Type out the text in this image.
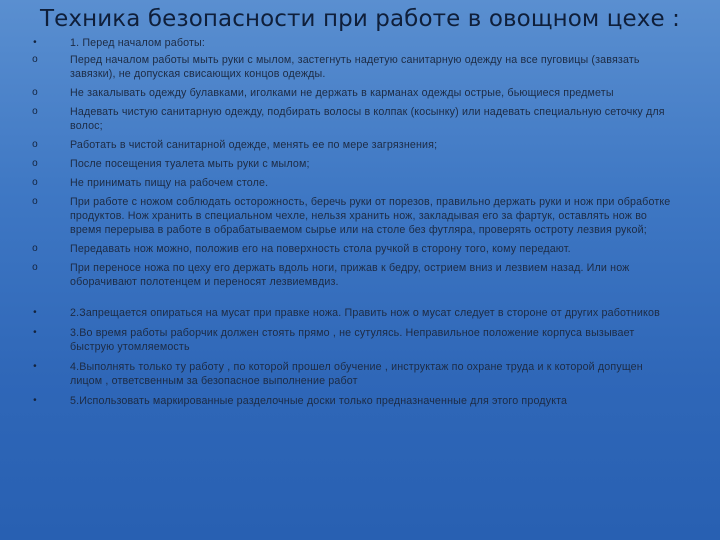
Техника безопасности при работе в овощном цехе :
•	1. Перед началом работы:
o	Перед началом работы мыть руки с мылом, застегнуть надетую санитарную одежду на все пуговицы (завязать завязки), не допуская свисающих концов одежды.
o	Не закалывать одежду булавками, иголками не держать в карманах одежды острые, бьющиеся предметы
o	Надевать чистую санитарную одежду, подбирать волосы в колпак (косынку) или надевать специальную сеточку для волос;
o	Работать в чистой санитарной одежде, менять ее по мере загрязнения;
o	После посещения туалета мыть руки с мылом;
o	Не принимать пищу на рабочем столе.
o	При работе с ножом соблюдать осторожность, беречь руки от порезов, правильно держать руки и нож при обработке продуктов. Нож хранить в специальном чехле, нельзя хранить нож, закладывая его за фартук, оставлять нож во время перерыва в работе в обрабатываемом сырье или на столе без футляра, проверять остроту лезвия рукой;
o	Передавать нож можно, положив его на поверхность стола ручкой в сторону того, кому передают.
o	При переносе ножа по цеху его держать вдоль ноги, прижав к бедру, острием вниз и лезвием назад. Или нож оборачивают полотенцем и переносят лезвиемвдиз.
•	2.Запрещается опираться на мусат при правке ножа. Править нож о мусат следует в стороне от других работников
•	3.Во время работы раборчик должен стоять прямо , не сутулясь. Неправильное положение корпуса вызывает быструю утомляемость
•	4.Выполнять только ту работу , по которой прошел обучение , инструктаж по охране труда и к которой допущен лицом , ответсвенным за безопасное выполнение работ
•	5.Использовать маркированные разделочные доски только предназначенные для этого продукта
